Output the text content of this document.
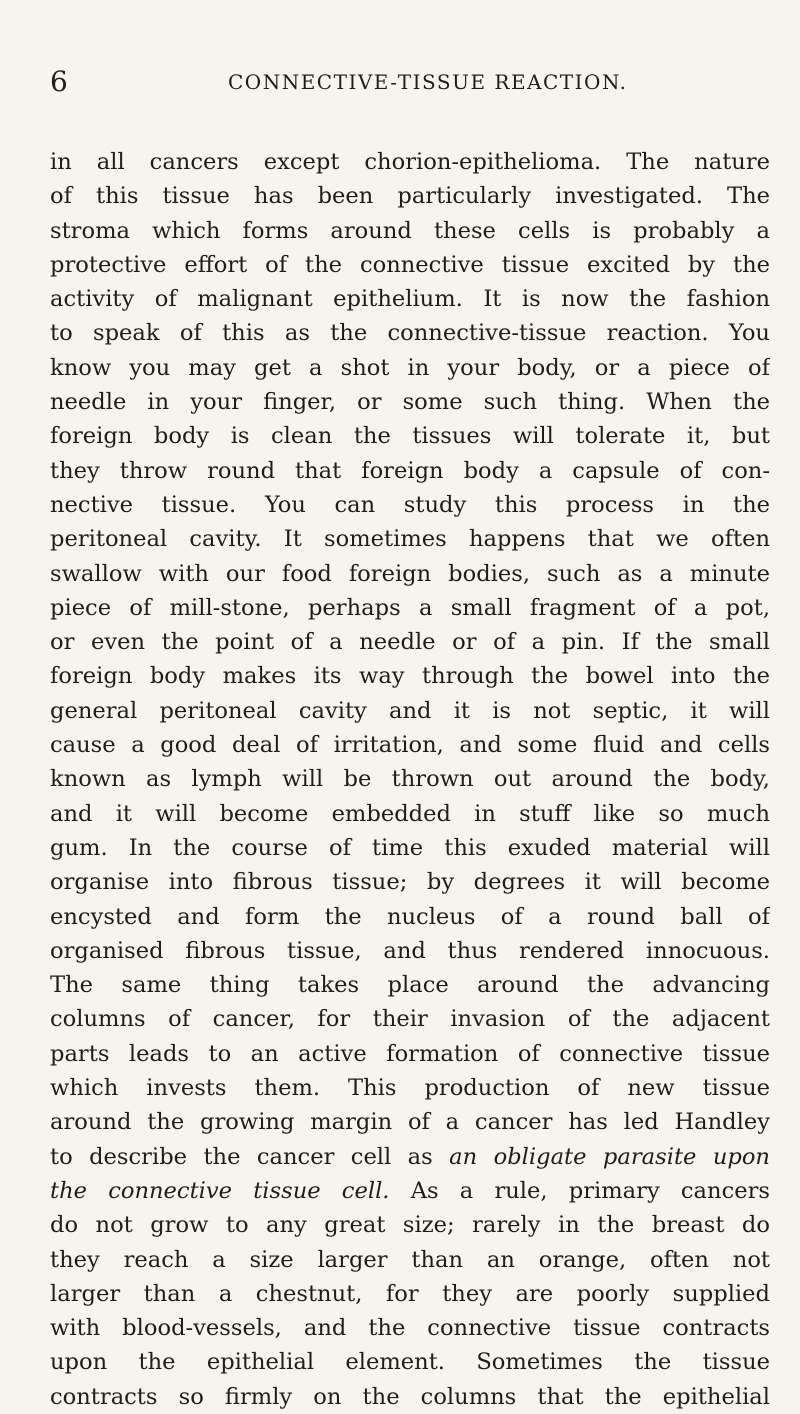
6	CONNECTIVE-TISSUE REACTION.
in all cancers except chorion-epithelioma. The nature
of this tissue has been particularly investigated. The
stroma which forms around these cells is probably a
protective effort of the connective tissue excited by the
activity of malignant epithelium. It is now the fashion
to speak of this as the connective-tissue reaction. You
know you may get a shot in your body, or a piece of
needle in your finger, or some such thing. When the
foreign body is clean the tissues will tolerate it, but
they throw round that foreign body a capsule of con-
nective tissue. You can study this process in the
peritoneal cavity. It sometimes happens that we often
swallow with our food foreign bodies, such as a minute
piece of mill-stone, perhaps a small fragment of a pot,
or even the point of a needle or of a pin. If the small
foreign body makes its way through the bowel into the
general peritoneal cavity and it is not septic, it will
cause a good deal of irritation, and some fluid and cells
known as lymph will be thrown out around the body,
and it will become embedded in stuff like so much
gum. In the course of time this exuded material will
organise into fibrous tissue; by degrees it will become
encysted and form the nucleus of a round ball of
organised fibrous tissue, and thus rendered innocuous.
The same thing takes place around the advancing
columns of cancer, for their invasion of the adjacent
parts leads to an active formation of connective tissue
which invests them. This production of new tissue
around the growing margin of a cancer has led Handley
to describe the cancer cell as an obligate parasite upon
the connective tissue cell. As a rule, primary cancers
do not grow to any great size; rarely in the breast do
they reach a size larger than an orange, often not
larger than a chestnut, for they are poorly supplied
with blood-vessels, and the connective tissue contracts
upon the epithelial element. Sometimes the tissue
contracts so firmly on the columns that the epithelial
